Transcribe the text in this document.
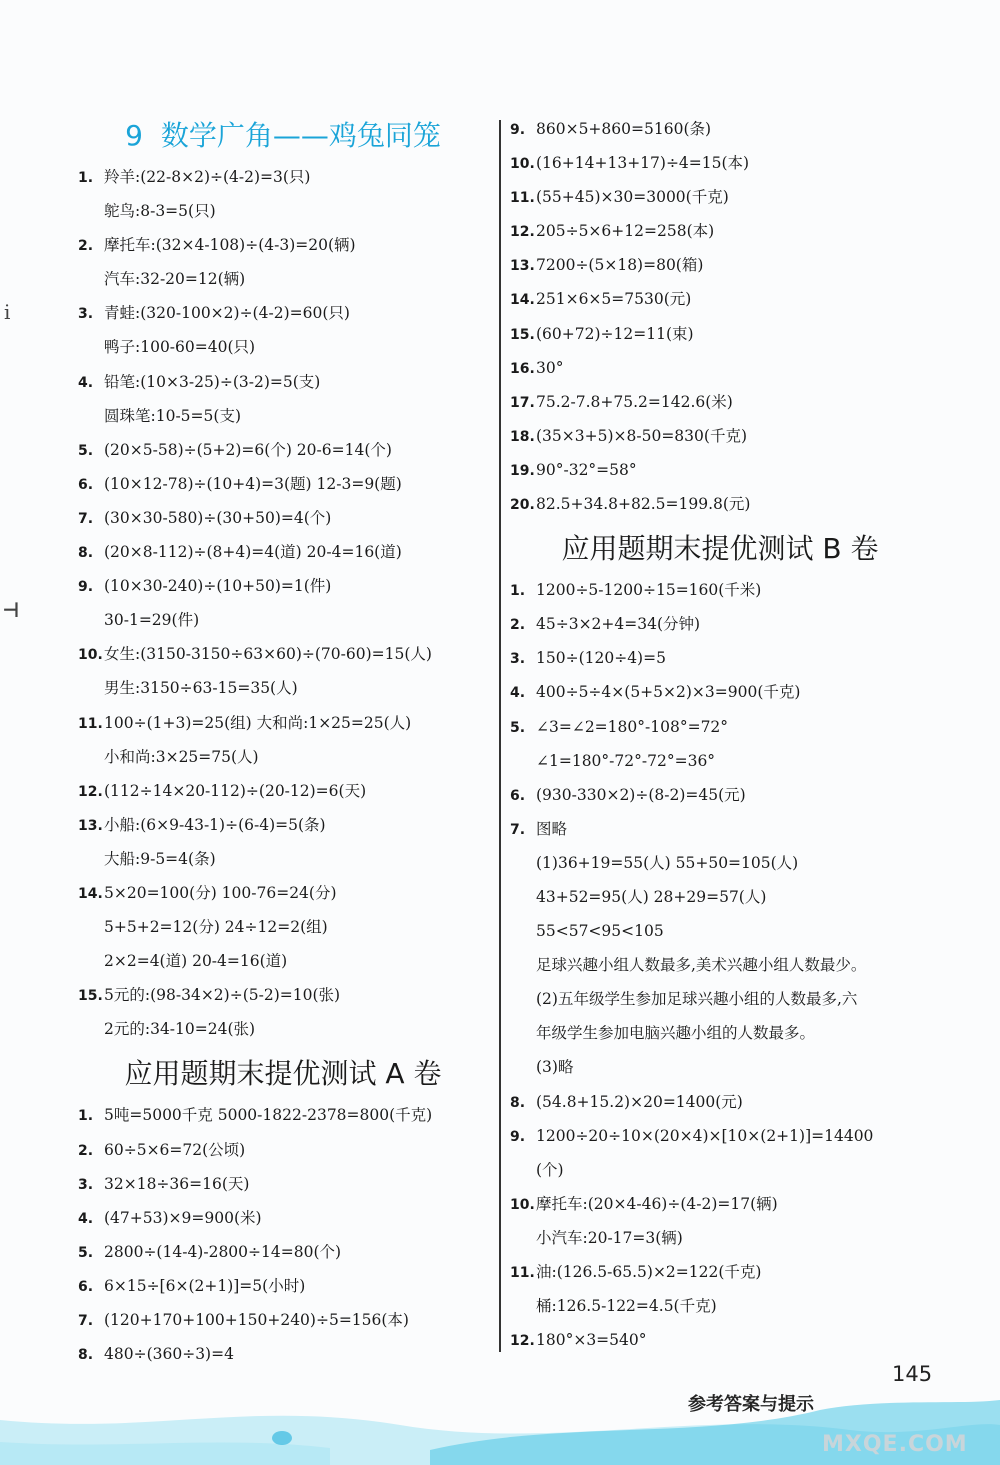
ⅰ
⊣
9 数学广角——鸡兔同笼
1. 羚羊:(22-8×2)÷(4-2)=3(只)
鸵鸟:8-3=5(只)
2. 摩托车:(32×4-108)÷(4-3)=20(辆)
汽车:32-20=12(辆)
3. 青蛙:(320-100×2)÷(4-2)=60(只)
鸭子:100-60=40(只)
4. 铅笔:(10×3-25)÷(3-2)=5(支)
圆珠笔:10-5=5(支)
5. (20×5-58)÷(5+2)=6(个) 20-6=14(个)
6. (10×12-78)÷(10+4)=3(题) 12-3=9(题)
7. (30×30-580)÷(30+50)=4(个)
8. (20×8-112)÷(8+4)=4(道) 20-4=16(道)
9. (10×30-240)÷(10+50)=1(件)
30-1=29(件)
10. 女生:(3150-3150÷63×60)÷(70-60)=15(人)
男生:3150÷63-15=35(人)
11. 100÷(1+3)=25(组) 大和尚:1×25=25(人)
小和尚:3×25=75(人)
12. (112÷14×20-112)÷(20-12)=6(天)
13. 小船:(6×9-43-1)÷(6-4)=5(条)
大船:9-5=4(条)
14. 5×20=100(分) 100-76=24(分)
5+5+2=12(分) 24÷12=2(组)
2×2=4(道) 20-4=16(道)
15. 5元的:(98-34×2)÷(5-2)=10(张)
2元的:34-10=24(张)
应用题期末提优测试 A 卷
1. 5吨=5000千克 5000-1822-2378=800(千克)
2. 60÷5×6=72(公顷)
3. 32×18÷36=16(天)
4. (47+53)×9=900(米)
5. 2800÷(14-4)-2800÷14=80(个)
6. 6×15÷[6×(2+1)]=5(小时)
7. (120+170+100+150+240)÷5=156(本)
8. 480÷(360÷3)=4
9. 860×5+860=5160(条)
10. (16+14+13+17)÷4=15(本)
11. (55+45)×30=3000(千克)
12. 205÷5×6+12=258(本)
13. 7200÷(5×18)=80(箱)
14. 251×6×5=7530(元)
15. (60+72)÷12=11(束)
16. 30°
17. 75.2-7.8+75.2=142.6(米)
18. (35×3+5)×8-50=830(千克)
19. 90°-32°=58°
20. 82.5+34.8+82.5=199.8(元)
应用题期末提优测试 B 卷
1. 1200÷5-1200÷15=160(千米)
2. 45÷3×2+4=34(分钟)
3. 150÷(120÷4)=5
4. 400÷5÷4×(5+5×2)×3=900(千克)
5. ∠3=∠2=180°-108°=72°
∠1=180°-72°-72°=36°
6. (930-330×2)÷(8-2)=45(元)
7. 图略
(1)36+19=55(人) 55+50=105(人)
43+52=95(人) 28+29=57(人)
55<57<95<105
足球兴趣小组人数最多,美术兴趣小组人数最少。
(2)五年级学生参加足球兴趣小组的人数最多,六
年级学生参加电脑兴趣小组的人数最多。
(3)略
8. (54.8+15.2)×20=1400(元)
9. 1200÷20÷10×(20×4)×[10×(2+1)]=14400
(个)
10. 摩托车:(20×4-46)÷(4-2)=17(辆)
小汽车:20-17=3(辆)
11. 油:(126.5-65.5)×2=122(千克)
桶:126.5-122=4.5(千克)
12. 180°×3=540°
145
参考答案与提示
MXQE.COM
